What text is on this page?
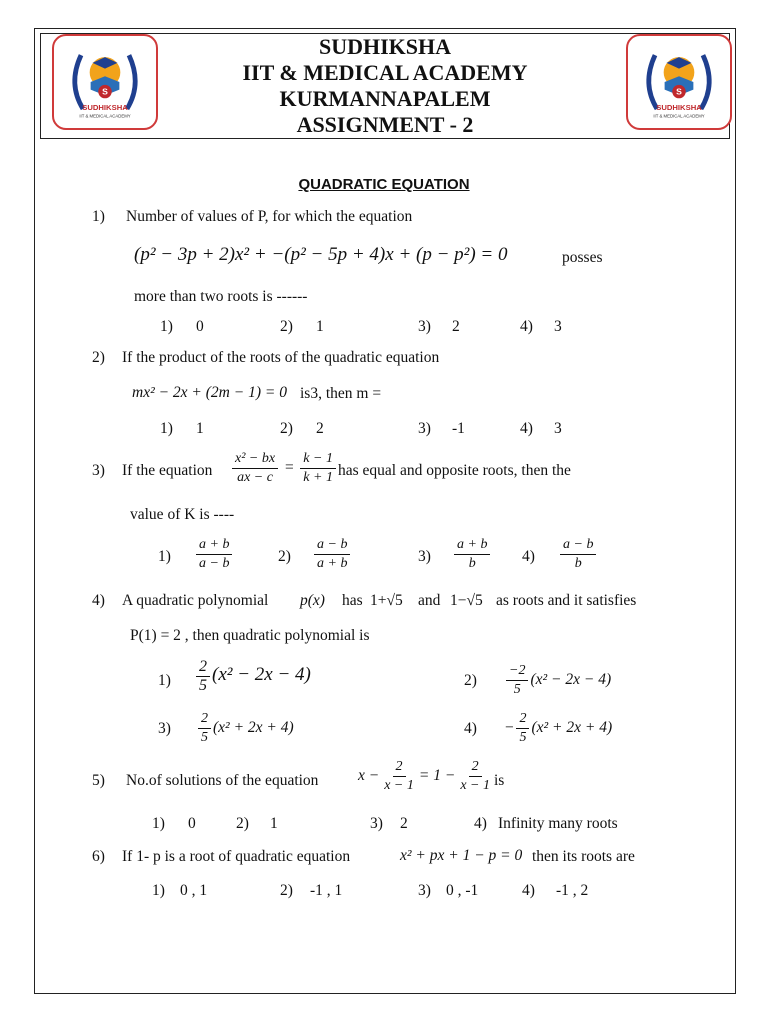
S
SUDHIKSHA
IIT & MEDICAL ACADEMY
S
SUDHIKSHA
IIT & MEDICAL ACADEMY
SUDHIKSHA
IIT & MEDICAL ACADEMY
KURMANNAPALEM
ASSIGNMENT - 2
QUADRATIC EQUATION
1) Number of values of P, for which the equation
(p² − 3p + 2)x² + −(p² − 5p + 4)x + (p − p²) = 0	posses
more than two roots is ------
1) 0	2) 1	3) 2	4) 3
2) If the product of the roots of the quadratic equation
mx² − 2x + (2m − 1) = 0 is3, then m =
1) 1	2) 2	3) -1	4) 3
3) If the equation $\frac{\text{x² − bx}}{ax - c} = \frac{k - 1}{k + 1}$ has equal and opposite roots, then the
value of K is ----
$1) \frac{a + b}{a - b}$	$2) \frac{a - b}{a + b}$	$3) \frac{a + b}{b} 4) \frac{a - b}{b}$
4) A quadratic polynomial p(x) has 1+√5 and 1−√5 as roots and it satisfies
P(1) = 2 , then quadratic polynomial is
$1) \frac{2}{5} (x^2 - 2x - 4)$	$2) \frac{-2}{5} (x^2 - 2x - 4)$
$3) \frac{2}{5} (x^2 + 2x + 4)$	$4) - \frac{2}{5} (x^2 + 2x + 4)$
5) No.of solutions of the equation	$x - \frac{2}{x - 1} = 1 - \frac{2}{x - 1}$ is
1) 0	2) 1	3) 2	4) Infinity many roots
6) If 1- p is a root of quadratic equation	x² + px + 1 − p = 0 then its roots are
1) 0 , 1	2) -1 , 1	3) 0 , -1	4) -1 , 2
